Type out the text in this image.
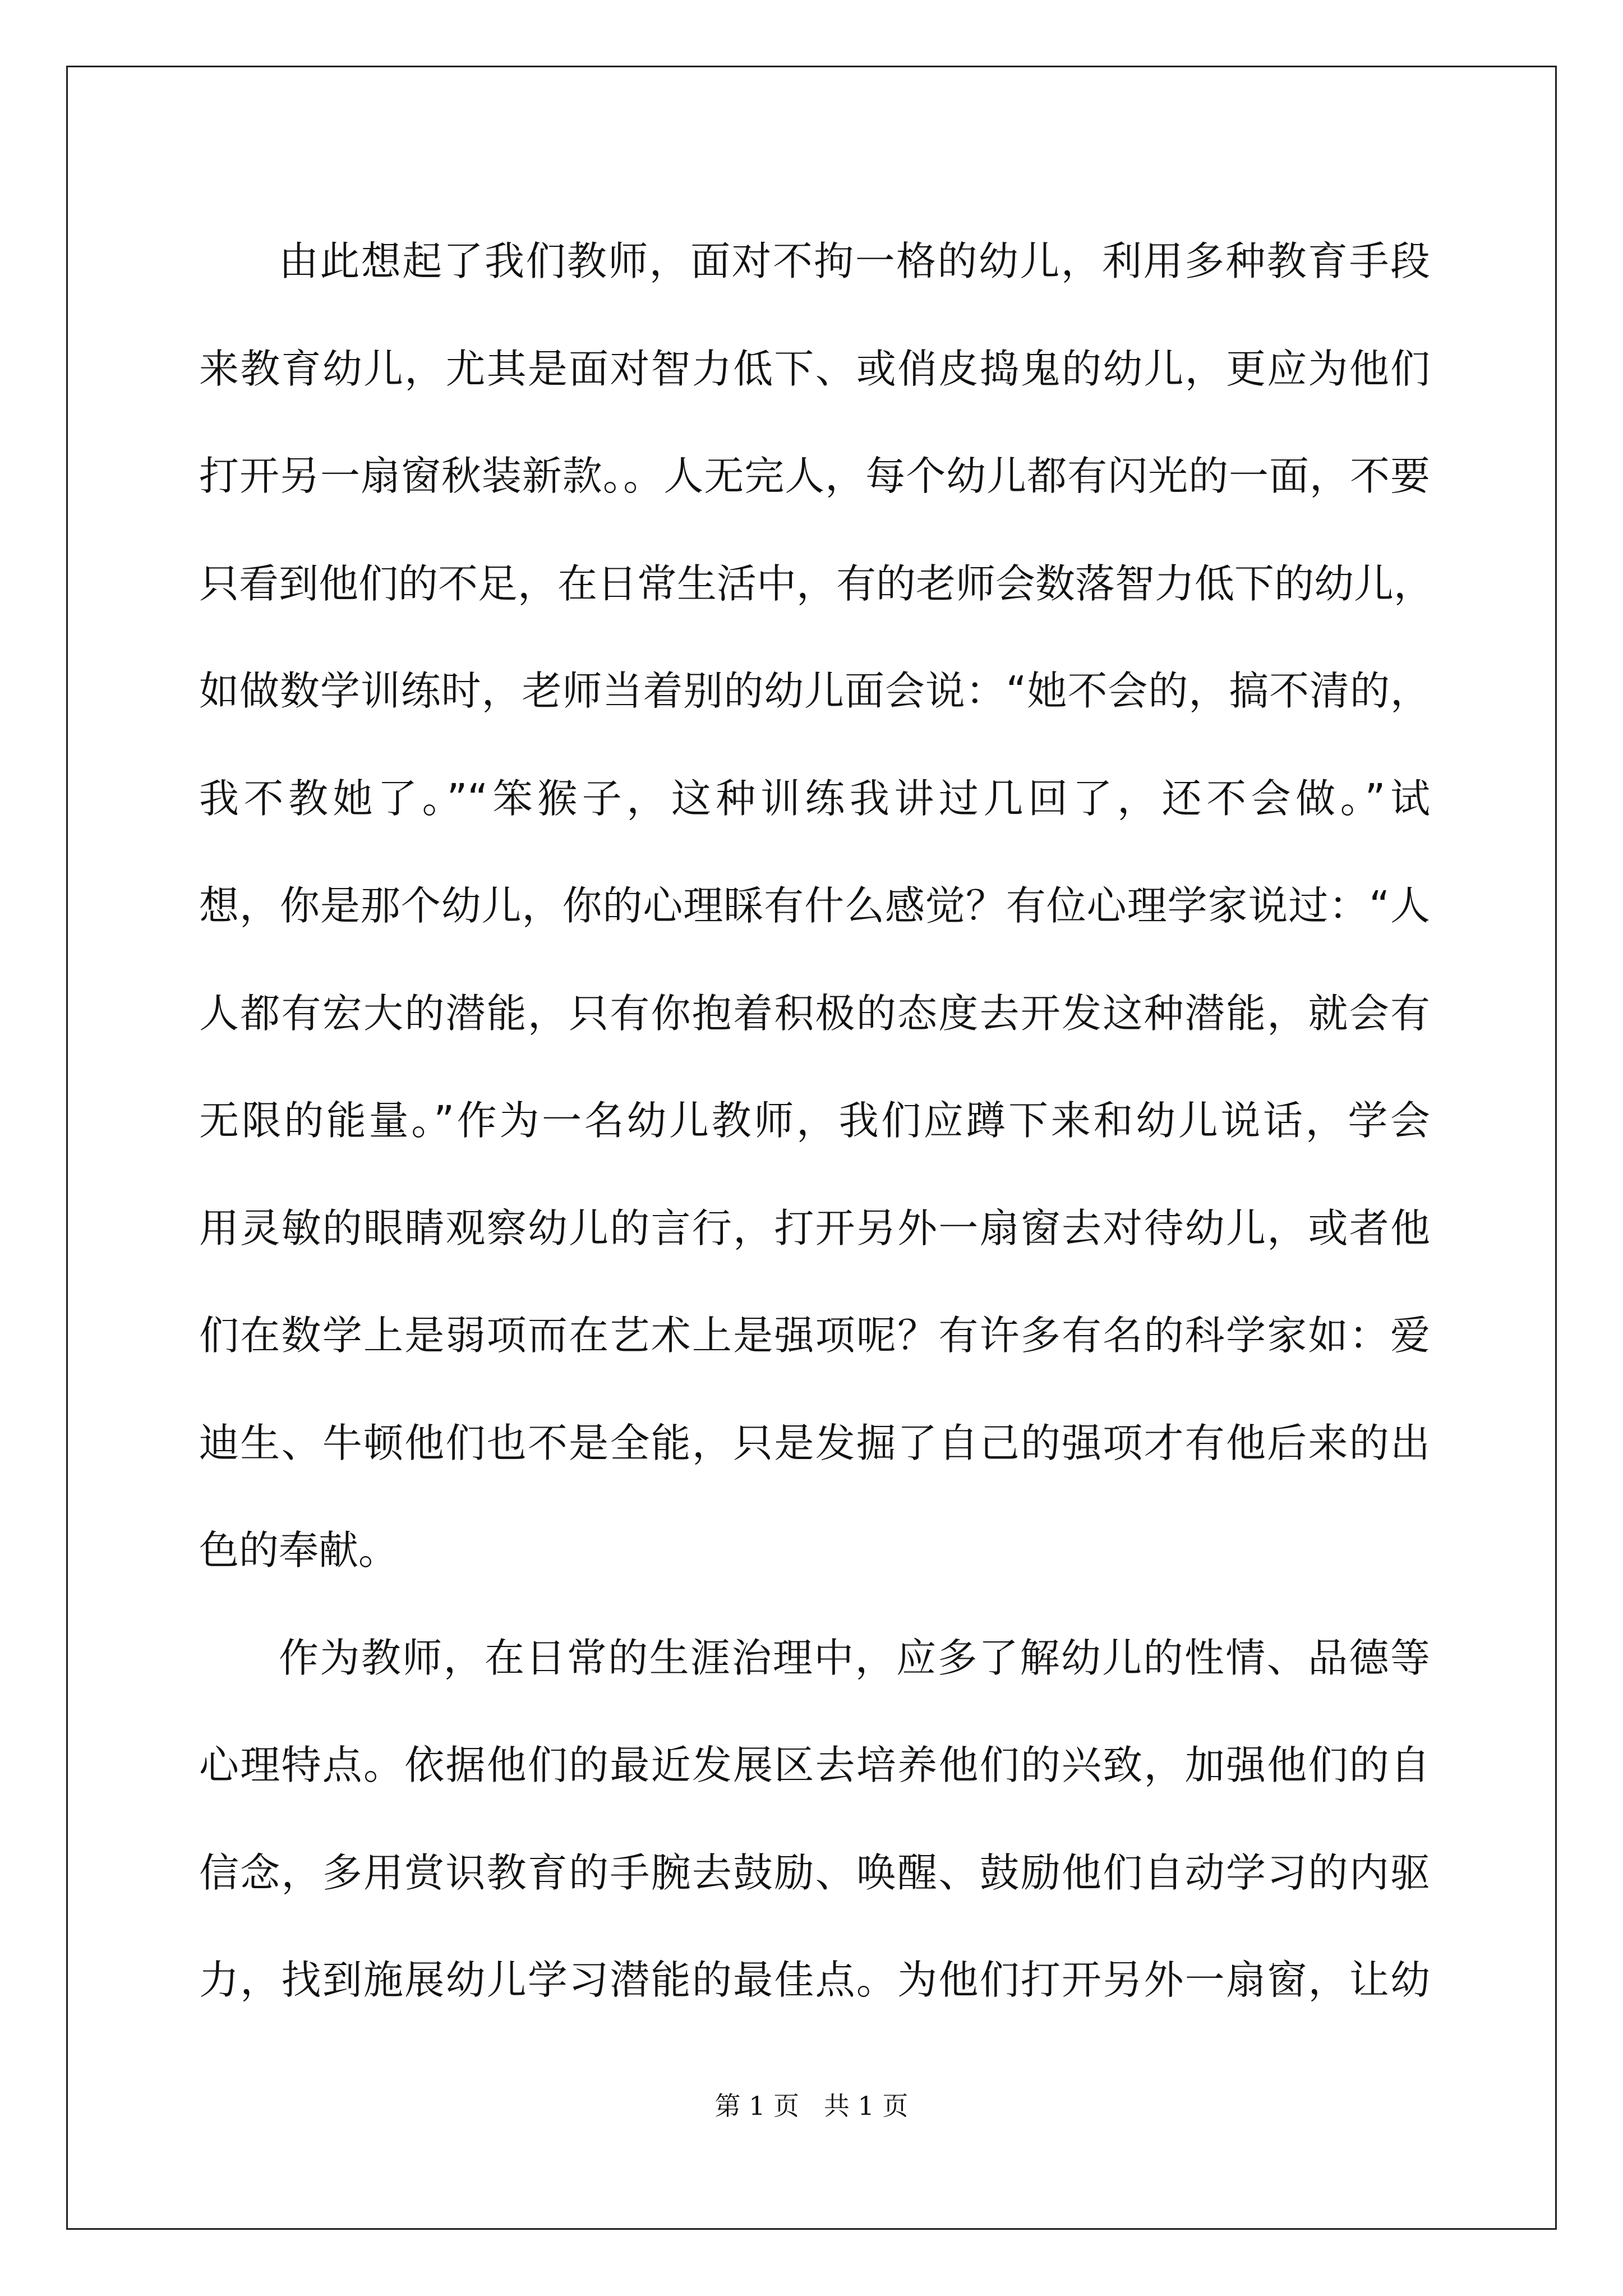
由此想起了我们教师，面对不拘一格的幼儿，利用多种教育手段
来教育幼儿，尤其是面对智力低下、或俏皮捣鬼的幼儿，更应为他们
打开另一扇窗秋装新款。。人无完人，每个幼儿都有闪光的一面，不要
只看到他们的不足，在日常生活中，有的老师会数落智力低下的幼儿，
如做数学训练时，老师当着别的幼儿面会说：“她不会的，搞不清的，
我不教她了。”“笨猴子，这种训练我讲过几回了，还不会做。”试
想，你是那个幼儿，你的心理睬有什么感觉？有位心理学家说过：“人
人都有宏大的潜能，只有你抱着积极的态度去开发这种潜能，就会有
无限的能量。”作为一名幼儿教师，我们应蹲下来和幼儿说话，学会
用灵敏的眼睛观察幼儿的言行，打开另外一扇窗去对待幼儿，或者他
们在数学上是弱项而在艺术上是强项呢？有许多有名的科学家如：爱
迪生、牛顿他们也不是全能，只是发掘了自己的强项才有他后来的出
色的奉献。
作为教师，在日常的生涯治理中，应多了解幼儿的性情、品德等
心理特点。依据他们的最近发展区去培养他们的兴致，加强他们的自
信念，多用赏识教育的手腕去鼓励、唤醒、鼓励他们自动学习的内驱
力，找到施展幼儿学习潜能的最佳点。为他们打开另外一扇窗，让幼
第 1 页   共 1 页
